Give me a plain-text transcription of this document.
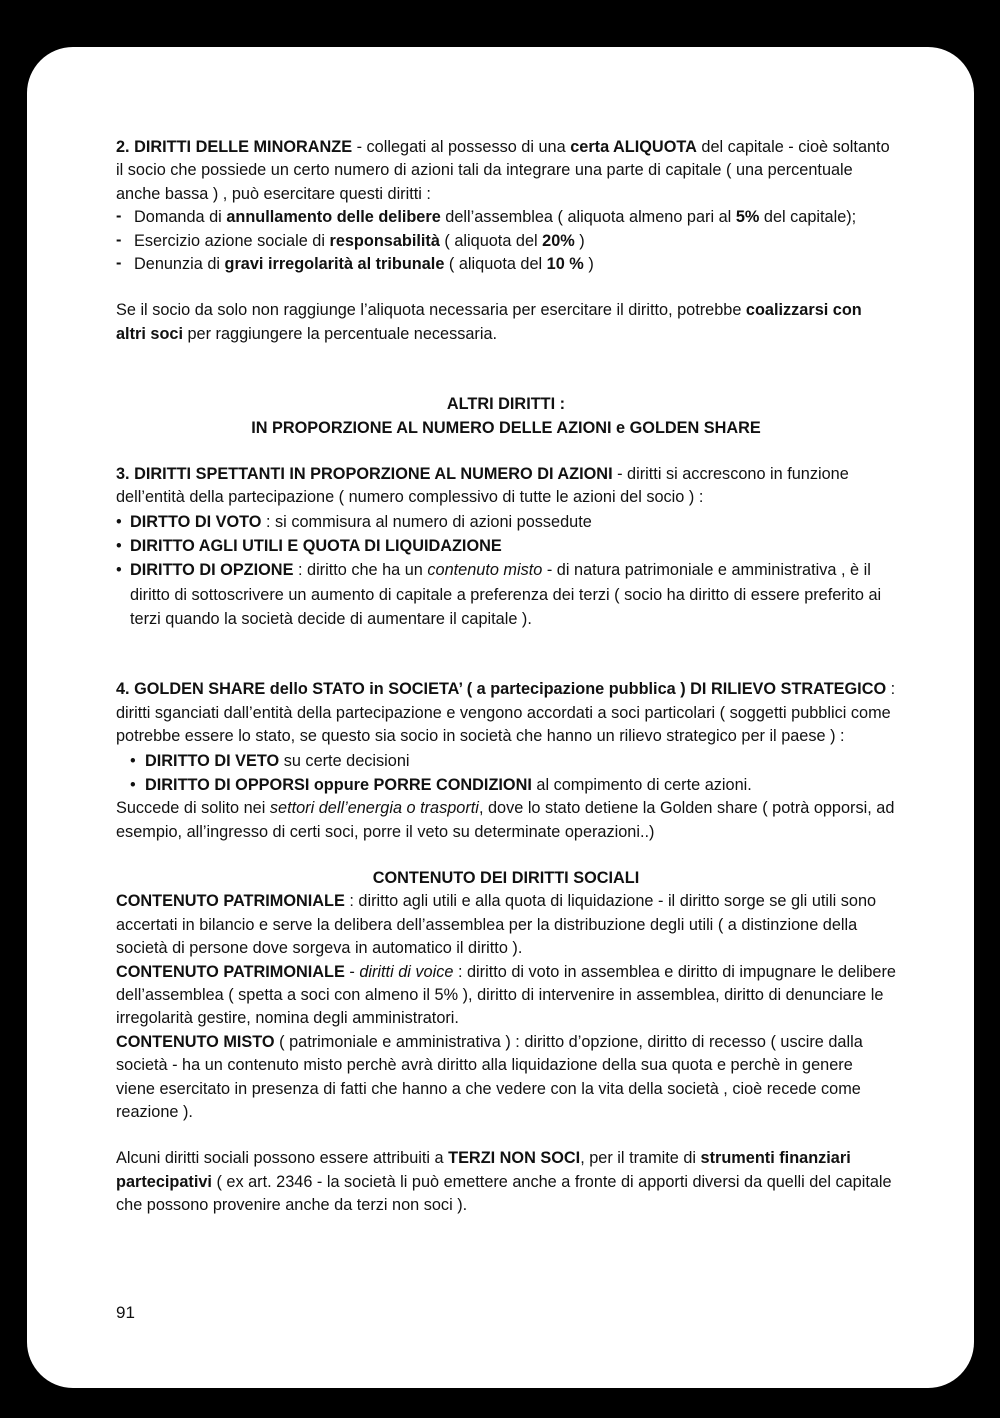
2. DIRITTI DELLE MINORANZE - collegati al possesso di una certa ALIQUOTA del capitale - cioè soltanto il socio che possiede un certo numero di azioni tali da integrare una parte di capitale ( una percentuale anche bassa ) , può esercitare questi diritti :

- Domanda di annullamento delle delibere dell’assemblea ( aliquota almeno pari al 5% del capitale);
- Esercizio azione sociale di responsabilità ( aliquota del 20% )
- Denunzia di gravi irregolarità al tribunale ( aliquota del 10 % )

Se il socio da solo non raggiunge l’aliquota necessaria per esercitare il diritto, potrebbe coalizzarsi con altri soci per raggiungere la percentuale necessaria.

ALTRI DIRITTI :

IN PROPORZIONE AL NUMERO DELLE AZIONI e GOLDEN SHARE

3. DIRITTI SPETTANTI IN PROPORZIONE AL NUMERO DI AZIONI - diritti si accrescono in funzione dell’entità della partecipazione ( numero complessivo di tutte le azioni del socio ) :

• DIRTTO DI VOTO : si commisura al numero di azioni possedute
• DIRITTO AGLI UTILI E QUOTA DI LIQUIDAZIONE
• DIRITTO DI OPZIONE : diritto che ha un contenuto misto - di natura patrimoniale e amministrativa , è il diritto di sottoscrivere un aumento di capitale a preferenza dei terzi ( socio ha diritto di essere preferito ai terzi quando la società decide di aumentare il capitale ).

4. GOLDEN SHARE dello STATO in SOCIETA’ ( a partecipazione pubblica ) DI RILIEVO STRATEGICO : diritti sganciati dall’entità della partecipazione e vengono accordati a soci particolari ( soggetti pubblici come potrebbe essere lo stato, se questo sia socio in società che hanno un rilievo strategico per il paese ) :

• DIRITTO DI VETO su certe decisioni
• DIRITTO DI OPPORSI oppure PORRE CONDIZIONI al compimento di certe azioni.

Succede di solito nei settori dell’energia o trasporti, dove lo stato detiene la Golden share ( potrà opporsi, ad esempio, all’ingresso di certi soci, porre il veto su determinate operazioni..)

CONTENUTO DEI DIRITTI SOCIALI

CONTENUTO PATRIMONIALE : diritto agli utili e alla quota di liquidazione - il diritto sorge se gli utili sono accertati in bilancio e serve la delibera dell’assemblea per la distribuzione degli utili ( a distinzione della società di persone dove sorgeva in automatico il diritto ).

CONTENUTO PATRIMONIALE - diritti di voice : diritto di voto in assemblea e diritto di impugnare le delibere dell’assemblea ( spetta a soci con almeno il 5% ), diritto di intervenire in assemblea, diritto di denunciare le irregolarità gestire, nomina degli amministratori.

CONTENUTO MISTO ( patrimoniale e amministrativa ) : diritto d’opzione, diritto di recesso ( uscire dalla società - ha un contenuto misto perchè avrà diritto alla liquidazione della sua quota e perchè in genere viene esercitato in presenza di fatti che hanno a che vedere con la vita della società , cioè recede come reazione ).

Alcuni diritti sociali possono essere attribuiti a TERZI NON SOCI, per il tramite di strumenti finanziari partecipativi ( ex art. 2346 - la società li può emettere anche a fronte di apporti diversi da quelli del capitale che possono provenire anche da terzi non soci ).

91
